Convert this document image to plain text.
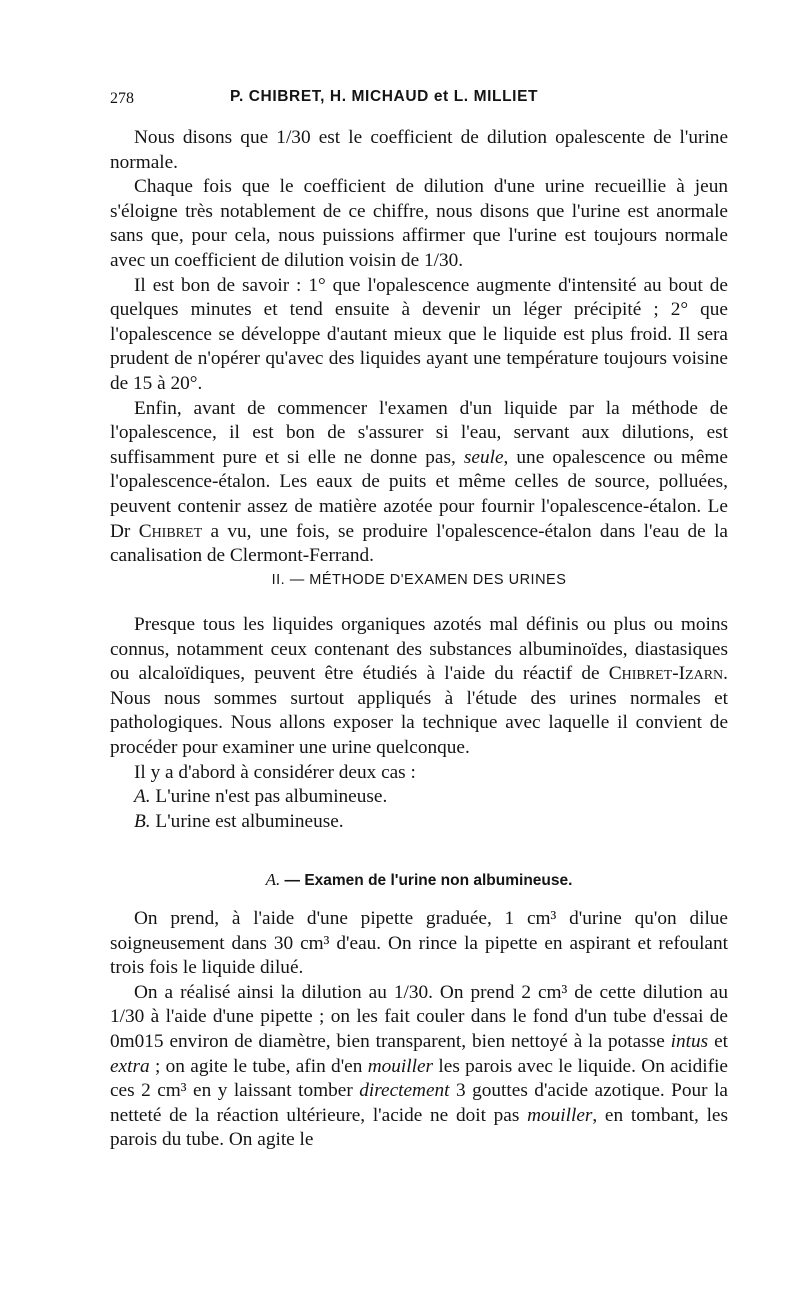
278	P. CHIBRET, H. MICHAUD et L. MILLIET

Nous disons que 1/30 est le coefficient de dilution opalescente de l'urine normale.

Chaque fois que le coefficient de dilution d'une urine recueillie à jeun s'éloigne très notablement de ce chiffre, nous disons que l'urine est anormale sans que, pour cela, nous puissions affirmer que l'urine est toujours normale avec un coefficient de dilution voisin de 1/30.

Il est bon de savoir : 1° que l'opalescence augmente d'intensité au bout de quelques minutes et tend ensuite à devenir un léger précipité ; 2° que l'opalescence se développe d'autant mieux que le liquide est plus froid. Il sera prudent de n'opérer qu'avec des liquides ayant une température toujours voisine de 15 à 20°.

Enfin, avant de commencer l'examen d'un liquide par la méthode de l'opalescence, il est bon de s'assurer si l'eau, servant aux dilutions, est suffisamment pure et si elle ne donne pas, seule, une opalescence ou même l'opalescence-étalon. Les eaux de puits et même celles de source, polluées, peuvent contenir assez de matière azotée pour fournir l'opalescence-étalon. Le Dr Chibret a vu, une fois, se produire l'opalescence-étalon dans l'eau de la canalisation de Clermont-Ferrand.

II. — MÉTHODE D'EXAMEN DES URINES

Presque tous les liquides organiques azotés mal définis ou plus ou moins connus, notamment ceux contenant des substances albuminoïdes, diastasiques ou alcaloïdiques, peuvent être étudiés à l'aide du réactif de Chibret-Izarn. Nous nous sommes surtout appliqués à l'étude des urines normales et pathologiques. Nous allons exposer la technique avec laquelle il convient de procéder pour examiner une urine quelconque.

Il y a d'abord à considérer deux cas :

A. L'urine n'est pas albumineuse.

B. L'urine est albumineuse.

A. — Examen de l'urine non albumineuse.

On prend, à l'aide d'une pipette graduée, 1 cm³ d'urine qu'on dilue soigneusement dans 30 cm³ d'eau. On rince la pipette en aspirant et refoulant trois fois le liquide dilué.

On a réalisé ainsi la dilution au 1/30. On prend 2 cm³ de cette dilution au 1/30 à l'aide d'une pipette ; on les fait couler dans le fond d'un tube d'essai de 0m015 environ de diamètre, bien transparent, bien nettoyé à la potasse intus et extra ; on agite le tube, afin d'en mouiller les parois avec le liquide. On acidifie ces 2 cm³ en y laissant tomber directement 3 gouttes d'acide azotique. Pour la netteté de la réaction ultérieure, l'acide ne doit pas mouiller, en tombant, les parois du tube. On agite le
